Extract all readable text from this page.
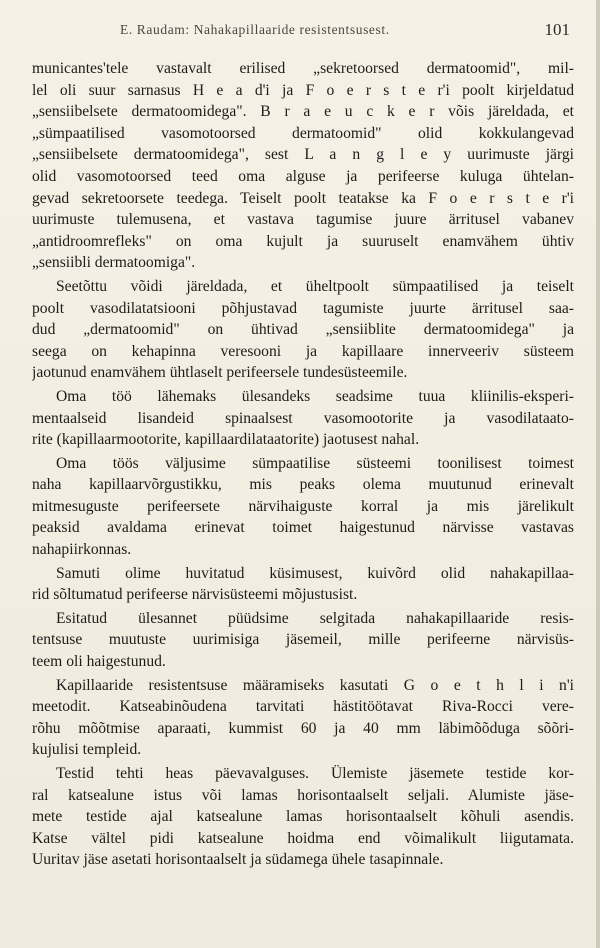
E. Raudam: Nahakapillaaride resistentsusest.	101
municantes'tele vastavalt erilised „sekretoorsed dermatoomid", mil-
lel oli suur sarnasus H e a d'i ja F o e r s t e r'i poolt kirjeldatud
„sensiibelsete dermatoomidega". B r a e u c k e r võis järeldada, et
„sümpaatilised vasomotoorsed dermatoomid" olid kokkulangevad
„sensiibelsete dermatoomidega", sest L a n g l e y uurimuste järgi
olid vasomotoorsed teed oma alguse ja perifeerse kuluga ühtelan-
gevad sekretoorsete teedega. Teiselt poolt teatakse ka F o e r s t e r'i
uurimuste tulemusena, et vastava tagumise juure ärritusel vabanev
„antidroomrefleks" on oma kujult ja suuruselt enamvähem ühtiv
„sensiibli dermatoomiga".
Seetõttu võidi järeldada, et üheltpoolt sümpaatilised ja teiselt
poolt vasodilatatsiooni põhjustavad tagumiste juurte ärritusel saa-
dud „dermatoomid" on ühtivad „sensiiblite dermatoomidega" ja
seega on kehapinna veresooni ja kapillaare innerveeriv süsteem
jaotunud enamvähem ühtlaselt perifeersele tundesüsteemile.
Oma töö lähemaks ülesandeks seadsime tuua kliinilis-eksperi-
mentaalseid lisandeid spinaalsest vasomootorite ja vasodilataato-
rite (kapillaarmootorite, kapillaardilataatorite) jaotusest nahal.
Oma töös väljusime sümpaatilise süsteemi toonilisest toimest
naha kapillaarvõrgustikku, mis peaks olema muutunud erinevalt
mitmesuguste perifeersete närvihaiguste korral ja mis järelikult
peaksid avaldama erinevat toimet haigestunud närvisse vastavas
nahapiirkonnas.
Samuti olime huvitatud küsimusest, kuivõrd olid nahakapillaa-
rid sõltumatud perifeerse närvisüsteemi mõjustusist.
Esitatud ülesannet püüdsime selgitada nahakapillaaride resis-
tentsuse muutuste uurimisiga jäsemeil, mille perifeerne närvisüs-
teem oli haigestunud.
Kapillaaride resistentsuse määramiseks kasutati G o e t h l i n'i
meetodit. Katseabinõudena tarvitati hästitöötavat Riva-Rocci vere-
rõhu mõõtmise aparaati, kummist 60 ja 40 mm läbimõõduga sõõri-
kujulisi templeid.
Testid tehti heas päevavalguses. Ülemiste jäsemete testide kor-
ral katsealune istus või lamas horisontaalselt seljali. Alumiste jäse-
mete testide ajal katsealune lamas horisontaalselt kõhuli asendis.
Katse vältel pidi katsealune hoidma end võimalikult liigutamata.
Uuritav jäse asetati horisontaalselt ja südamega ühele tasapinnale.
